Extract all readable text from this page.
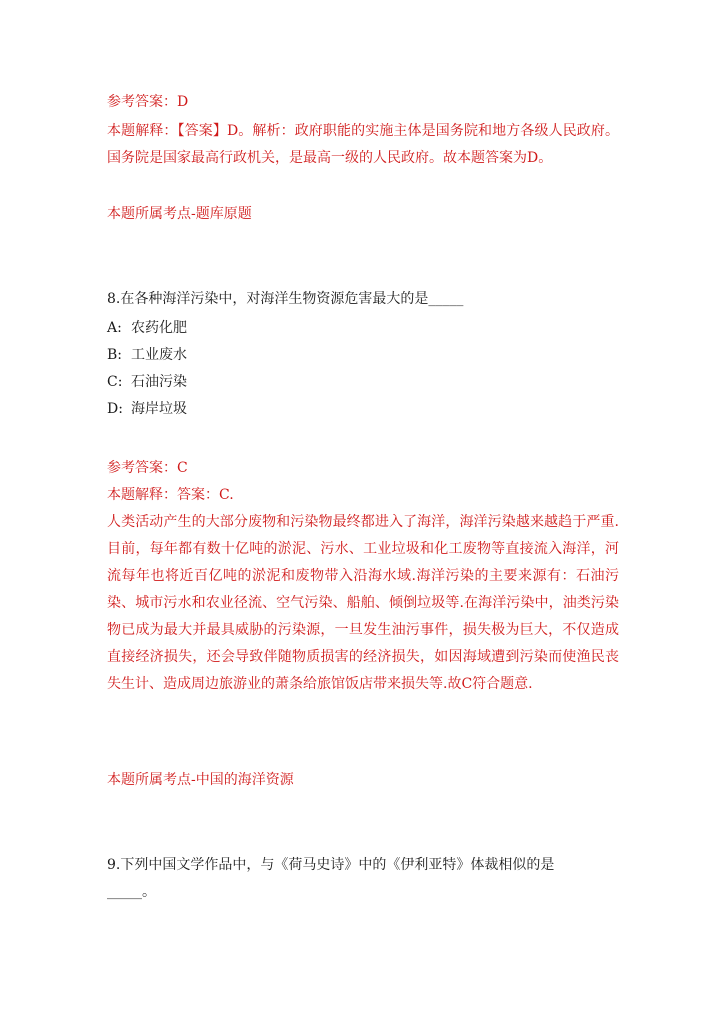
参考答案：D
本题解释：【答案】D。解析：政府职能的实施主体是国务院和地方各级人民政府。国务院是国家最高行政机关，是最高一级的人民政府。故本题答案为D。
本题所属考点-题库原题
8.在各种海洋污染中，对海洋生物资源危害最大的是_____
A: 农药化肥
B: 工业废水
C: 石油污染
D: 海岸垃圾
参考答案：C
本题解释：答案：C.
人类活动产生的大部分废物和污染物最终都进入了海洋，海洋污染越来越趋于严重.目前，每年都有数十亿吨的淤泥、污水、工业垃圾和化工废物等直接流入海洋，河流每年也将近百亿吨的淤泥和废物带入沿海水域.海洋污染的主要来源有：石油污染、城市污水和农业径流、空气污染、船舶、倾倒垃圾等.在海洋污染中，油类污染物已成为最大并最具威胁的污染源，一旦发生油污事件，损失极为巨大，不仅造成直接经济损失，还会导致伴随物质损害的经济损失，如因海域遭到污染而使渔民丧失生计、造成周边旅游业的萧条给旅馆饭店带来损失等.故C符合题意.
本题所属考点-中国的海洋资源
9.下列中国文学作品中，与《荷马史诗》中的《伊利亚特》体裁相似的是
_____。
